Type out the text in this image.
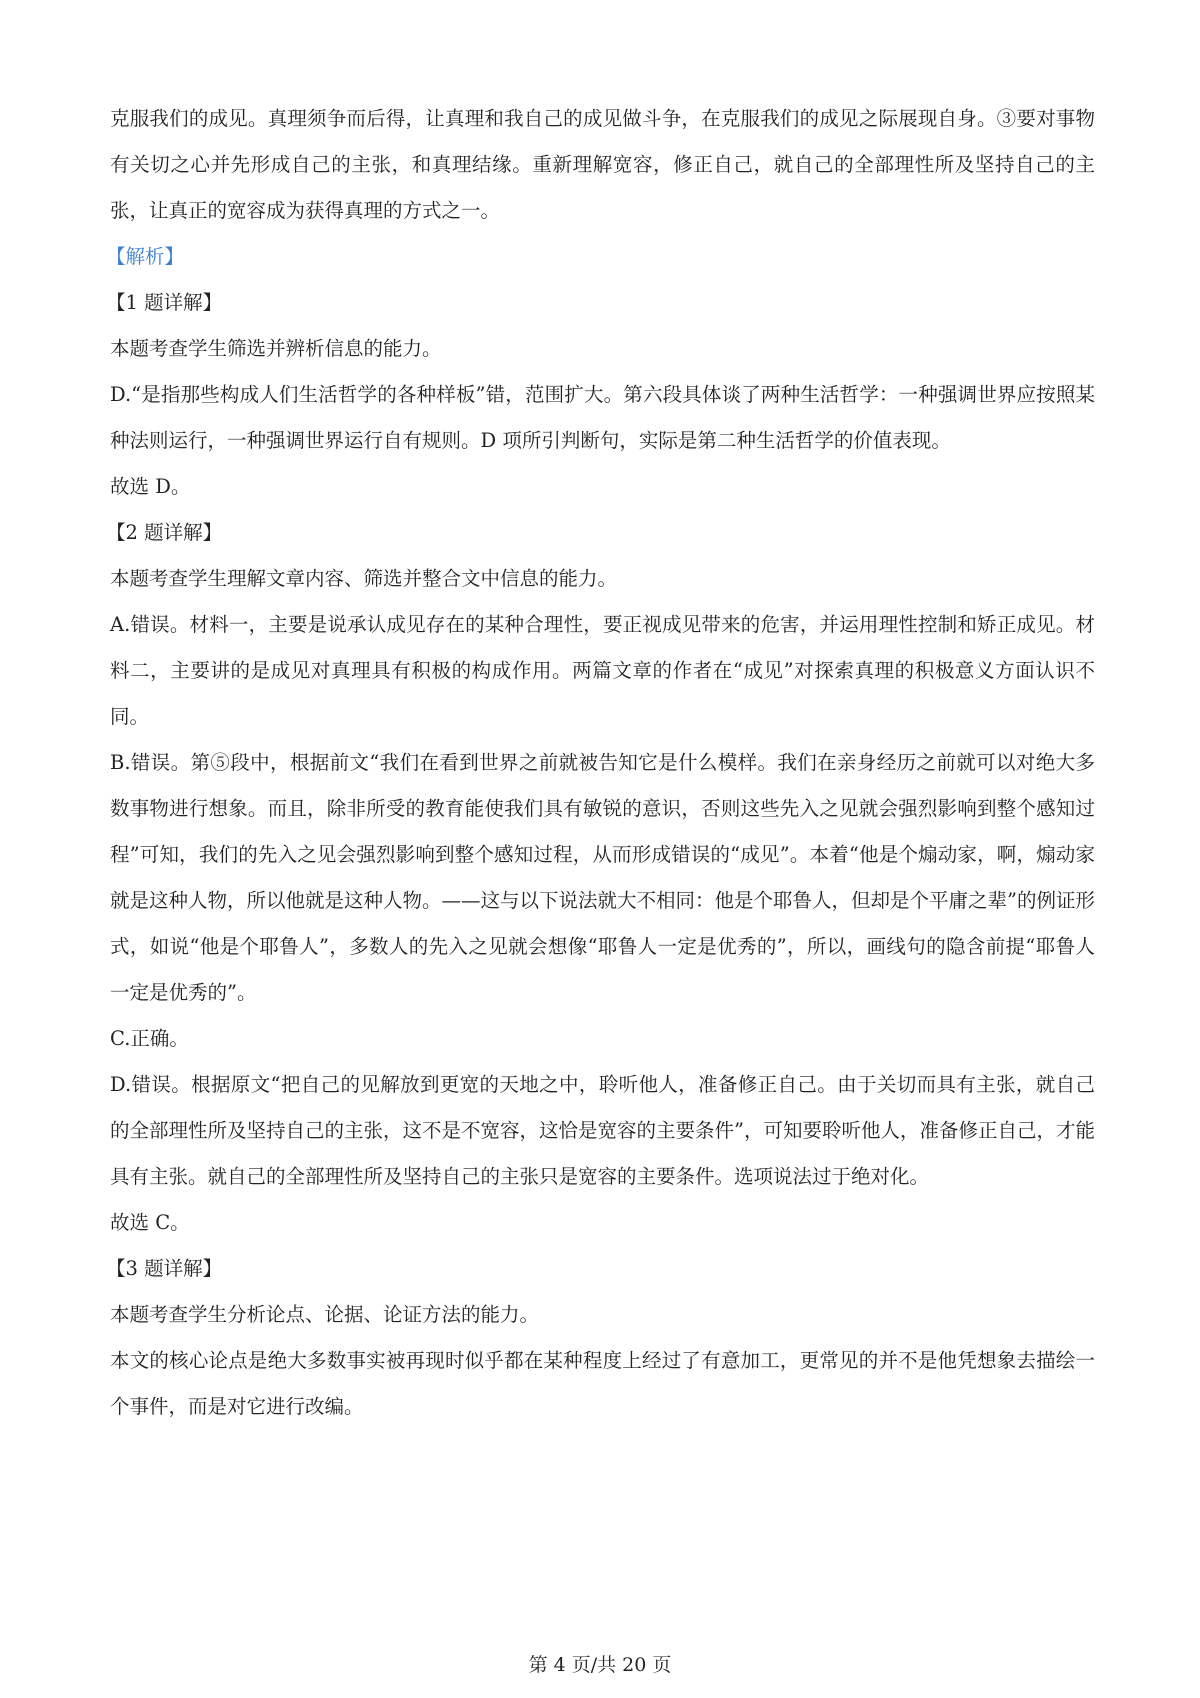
克服我们的成见。真理须争而后得，让真理和我自己的成见做斗争，在克服我们的成见之际展现自身。③要对事物有关切之心并先形成自己的主张，和真理结缘。重新理解宽容，修正自己，就自己的全部理性所及坚持自己的主张，让真正的宽容成为获得真理的方式之一。

【解析】

【1 题详解】

本题考查学生筛选并辨析信息的能力。

D.“是指那些构成人们生活哲学的各种样板”错，范围扩大。第六段具体谈了两种生活哲学：一种强调世界应按照某种法则运行，一种强调世界运行自有规则。D 项所引判断句，实际是第二种生活哲学的价值表现。

故选 D。

【2 题详解】

本题考查学生理解文章内容、筛选并整合文中信息的能力。

A.错误。材料一，主要是说承认成见存在的某种合理性，要正视成见带来的危害，并运用理性控制和矫正成见。材料二，主要讲的是成见对真理具有积极的构成作用。两篇文章的作者在“成见”对探索真理的积极意义方面认识不同。

B.错误。第⑤段中，根据前文“我们在看到世界之前就被告知它是什么模样。我们在亲身经历之前就可以对绝大多数事物进行想象。而且，除非所受的教育能使我们具有敏锐的意识，否则这些先入之见就会强烈影响到整个感知过程”可知，我们的先入之见会强烈影响到整个感知过程，从而形成错误的“成见”。本着“他是个煽动家，啊，煽动家就是这种人物，所以他就是这种人物。——这与以下说法就大不相同：他是个耶鲁人，但却是个平庸之辈”的例证形式，如说“他是个耶鲁人”，多数人的先入之见就会想像“耶鲁人一定是优秀的”，所以，画线句的隐含前提“耶鲁人一定是优秀的”。

C.正确。

D.错误。根据原文“把自己的见解放到更宽的天地之中，聆听他人，准备修正自己。由于关切而具有主张，就自己的全部理性所及坚持自己的主张，这不是不宽容，这恰是宽容的主要条件”，可知要聆听他人，准备修正自己，才能具有主张。就自己的全部理性所及坚持自己的主张只是宽容的主要条件。选项说法过于绝对化。

故选 C。

【3 题详解】

本题考查学生分析论点、论据、论证方法的能力。

本文的核心论点是绝大多数事实被再现时似乎都在某种程度上经过了有意加工，更常见的并不是他凭想象去描绘一个事件，而是对它进行改编。

第 4 页/共 20 页
